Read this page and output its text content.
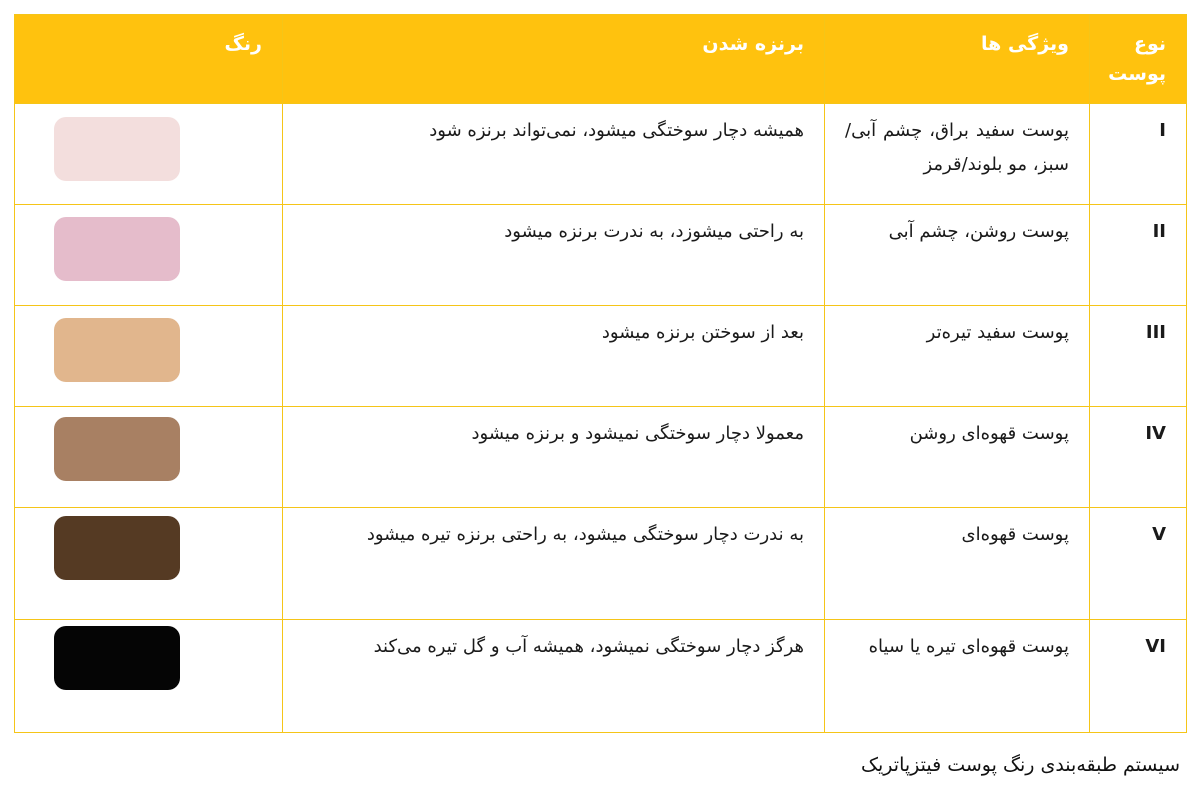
نوع پوست	ویژگی ها	برنزه شدن	رنگ
I	پوست سفید براق، چشم آبی/سبز، مو بلوند/قرمز	همیشه دچار سوختگی میشود، نمی‌تواند برنزه شود	

II	پوست روشن، چشم آبی	به راحتی میشوزد، به ندرت برنزه میشود	

III	پوست سفید تیره‌تر	بعد از سوختن برنزه میشود	

IV	پوست قهوه‌ای روشن	معمولا دچار سوختگی نمیشود و برنزه میشود	

V	پوست قهوه‌ای	به ندرت دچار سوختگی میشود، به راحتی برنزه تیره میشود	

VI	پوست قهوه‌ای تیره یا سیاه	هرگز دچار سوختگی نمیشود، همیشه آب و گل تیره می‌کند	
سیستم طبقه‌بندی رنگ پوست فیتزپاتریک
